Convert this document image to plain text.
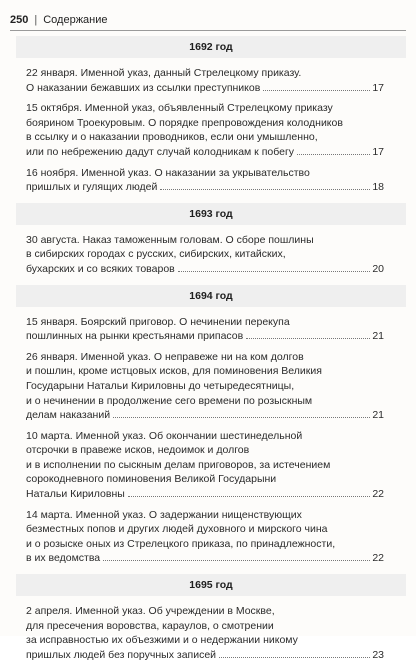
250 | Содержание
1692 год
22 января. Именной указ, данный Стрелецкому приказу.
О наказании бежавших из ссылки преступников	17
15 октября. Именной указ, объявленный Стрелецкому приказу
боярином Троекуровым. О порядке препровождения колодников
в ссылку и о наказании проводников, если они умышленно,
или по небрежению дадут случай колодникам к побегу	17
16 ноября. Именной указ. О наказании за укрывательство
пришлых и гулящих людей	18
1693 год
30 августа. Наказ таможенным головам. О сборе пошлины
в сибирских городах с русских, сибирских, китайских,
бухарских и со всяких товаров	20
1694 год
15 января. Боярский приговор. О нечинении перекупа
пошлинных на рынки крестьянами припасов	21
26 января. Именной указ. О неправеже ни на ком долгов
и пошлин, кроме истцовых исков, для поминовения Великия
Государыни Натальи Кириловны до четыредесятницы,
и о нечинении в продолжение сего времени по розыскным
делам наказаний	21
10 марта. Именной указ. Об окончании шестинедельной
отсрочки в правеже исков, недоимок и долгов
и в исполнении по сыскным делам приговоров, за истечением
сорокодневного поминовения Великой Государыни
Натальи Кириловны	22
14 марта. Именной указ. О задержании нищенствующих
безместных попов и других людей духовного и мирского чина
и о розыске оных из Стрелецкого приказа, по принадлежности,
в их ведомства	22
1695 год
2 апреля. Именной указ. Об учреждении в Москве,
для пресечения воровства, караулов, о смотрении
за исправностью их объезжими и о недержании никому
пришлых людей без поручных записей	23
